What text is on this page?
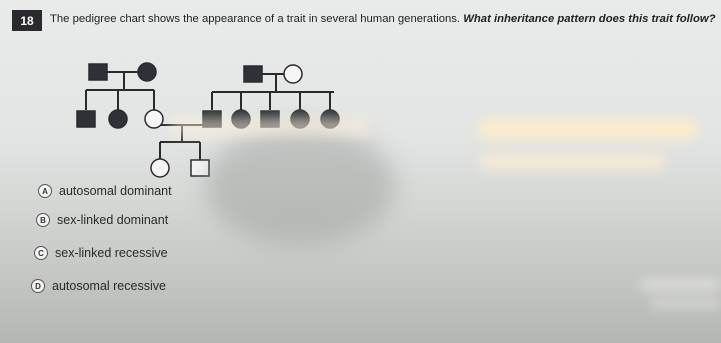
18	The pedigree chart shows the appearance of a trait in several human generations. What inheritance pattern does this trait follow?
A autosomal dominant
B sex-linked dominant
C sex-linked recessive
D autosomal recessive
